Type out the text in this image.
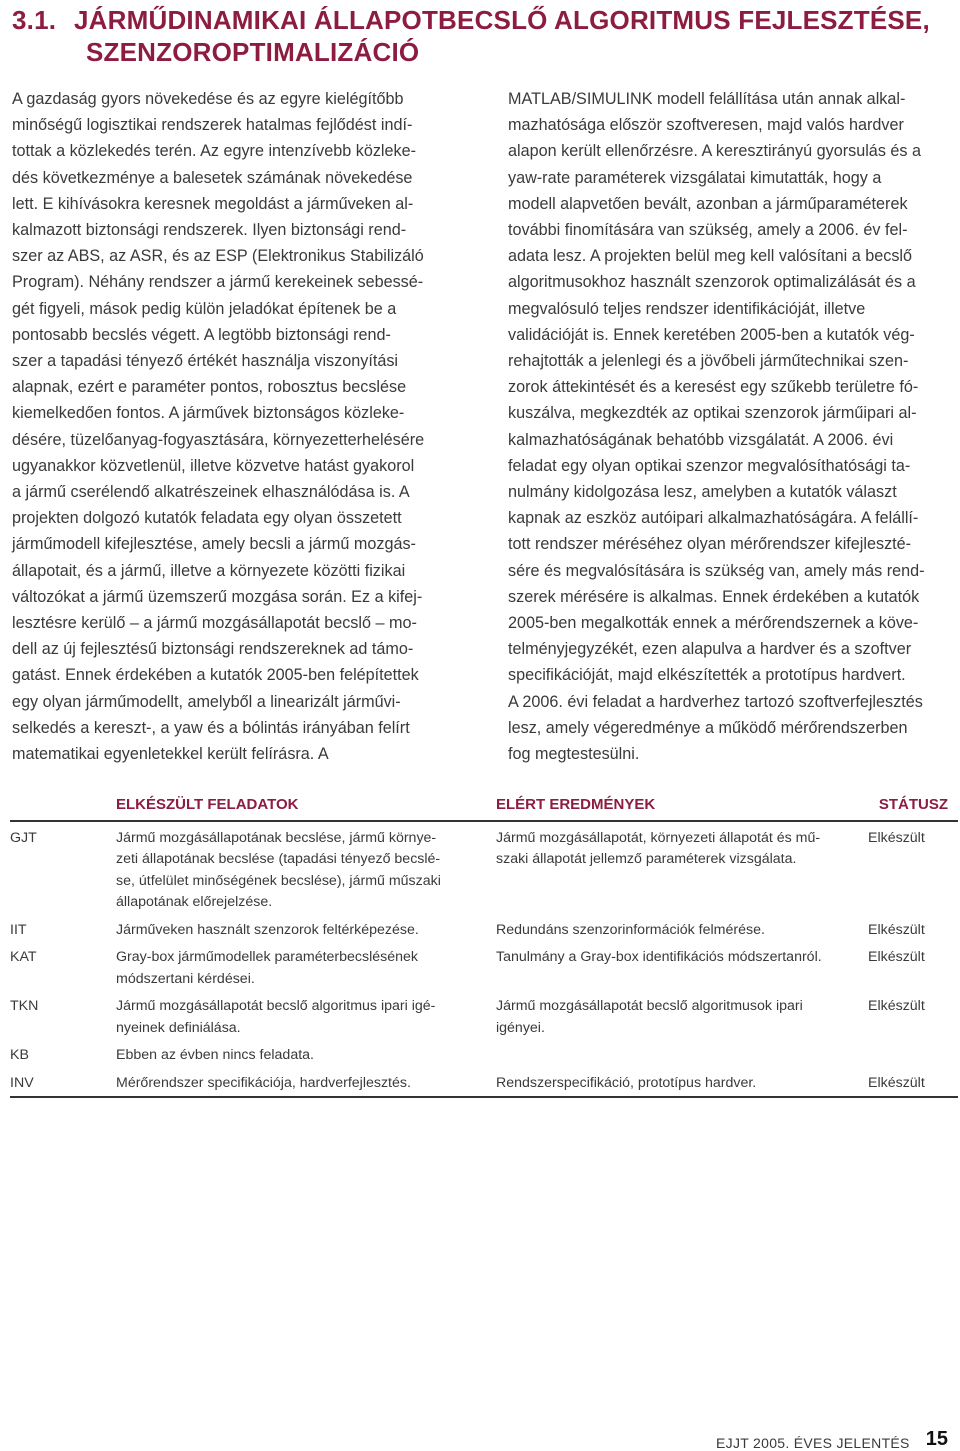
3.1. JÁRMŰDINAMIKAI ÁLLAPOTBECSLŐ ALGORITMUS FEJLESZTÉSE,
SZENZOROPTIMALIZÁCIÓ

A gazdaság gyors növekedése és az egyre kielégítőbb

minőségű logisztikai rendszerek hatalmas fejlődést indí-

tottak a közlekedés terén. Az egyre intenzívebb közleke-

dés következménye a balesetek számának növekedése

lett. E kihívásokra keresnek megoldást a járműveken al-

kalmazott biztonsági rendszerek. Ilyen biztonsági rend-

szer az ABS, az ASR, és az ESP (Elektronikus Stabilizáló

Program). Néhány rendszer a jármű kerekeinek sebessé-

gét figyeli, mások pedig külön jeladókat építenek be a

pontosabb becslés végett. A legtöbb biztonsági rend-

szer a tapadási tényező értékét használja viszonyítási

alapnak, ezért e paraméter pontos, robosztus becslése

kiemelkedően fontos. A járművek biztonságos közleke-

désére, tüzelőanyag-fogyasztására, környezetterhelésére

ugyanakkor közvetlenül, illetve közvetve hatást gyakorol

a jármű cserélendő alkatrészeinek elhasználódása is. A

projekten dolgozó kutatók feladata egy olyan összetett

járműmodell kifejlesztése, amely becsli a jármű mozgás-

állapotait, és a jármű, illetve a környezete közötti fizikai

változókat a jármű üzemszerű mozgása során. Ez a kifej-

lesztésre kerülő – a jármű mozgásállapotát becslő – mo-

dell az új fejlesztésű biztonsági rendszereknek ad támo-

gatást. Ennek érdekében a kutatók 2005-ben felépítettek

egy olyan járműmodellt, amelyből a linearizált járművi-

selkedés a kereszt-, a yaw és a bólintás irányában felírt

matematikai egyenletekkel került felírásra. A

MATLAB/SIMULINK modell felállítása után annak alkal-

mazhatósága először szoftveresen, majd valós hardver

alapon került ellenőrzésre. A keresztirányú gyorsulás és a

yaw-rate paraméterek vizsgálatai kimutatták, hogy a

modell alapvetően bevált, azonban a járműparaméterek

további finomítására van szükség, amely a 2006. év fel-

adata lesz. A projekten belül meg kell valósítani a becslő

algoritmusokhoz használt szenzorok optimalizálását és a

megvalósuló teljes rendszer identifikációját, illetve

validációját is. Ennek keretében 2005-ben a kutatók vég-

rehajtották a jelenlegi és a jövőbeli járműtechnikai szen-

zorok áttekintését és a keresést egy szűkebb területre fó-

kuszálva, megkezdték az optikai szenzorok járműipari al-

kalmazhatóságának behatóbb vizsgálatát. A 2006. évi

feladat egy olyan optikai szenzor megvalósíthatósági ta-

nulmány kidolgozása lesz, amelyben a kutatók választ

kapnak az eszköz autóipari alkalmazhatóságára. A felállí-

tott rendszer méréséhez olyan mérőrendszer kifejleszté-

sére és megvalósítására is szükség van, amely más rend-

szerek mérésére is alkalmas. Ennek érdekében a kutatók

2005-ben megalkották ennek a mérőrendszernek a köve-

telményjegyzékét, ezen alapulva a hardver és a szoftver

specifikációját, majd elkészítették a prototípus hardvert.

A 2006. évi feladat a hardverhez tartozó szoftverfejlesztés

lesz, amely végeredménye a működő mérőrendszerben

fog megtestesülni.

	ELKÉSZÜLT FELADATOK	ELÉRT EREDMÉNYEK	STÁTUSZ

GJT	Jármű mozgásállapotának becslése, jármű környe-
zeti állapotának becslése (tapadási tényező becslé-
se, útfelület minőségének becslése), jármű műszaki
állapotának előrejelzése.	Jármű mozgásállapotát, környezeti állapotát és mű-
szaki állapotát jellemző paraméterek vizsgálata.	Elkészült

IIT	Járműveken használt szenzorok feltérképezése.	Redundáns szenzorinformációk felmérése.	Elkészült

KAT	Gray-box járműmodellek paraméterbecslésének
módszertani kérdései.	Tanulmány a Gray-box identifikációs módszertanról.	Elkészült

TKN	Jármű mozgásállapotát becslő algoritmus ipari igé-
nyeinek definiálása.	Jármű mozgásállapotát becslő algoritmusok ipari
igényei.	Elkészült

KB	Ebben az évben nincs feladata.		

INV	Mérőrendszer specifikációja, hardverfejlesztés.	Rendszerspecifikáció, prototípus hardver.	Elkészült
EJJT 2005. ÉVES JELENTÉS 15
